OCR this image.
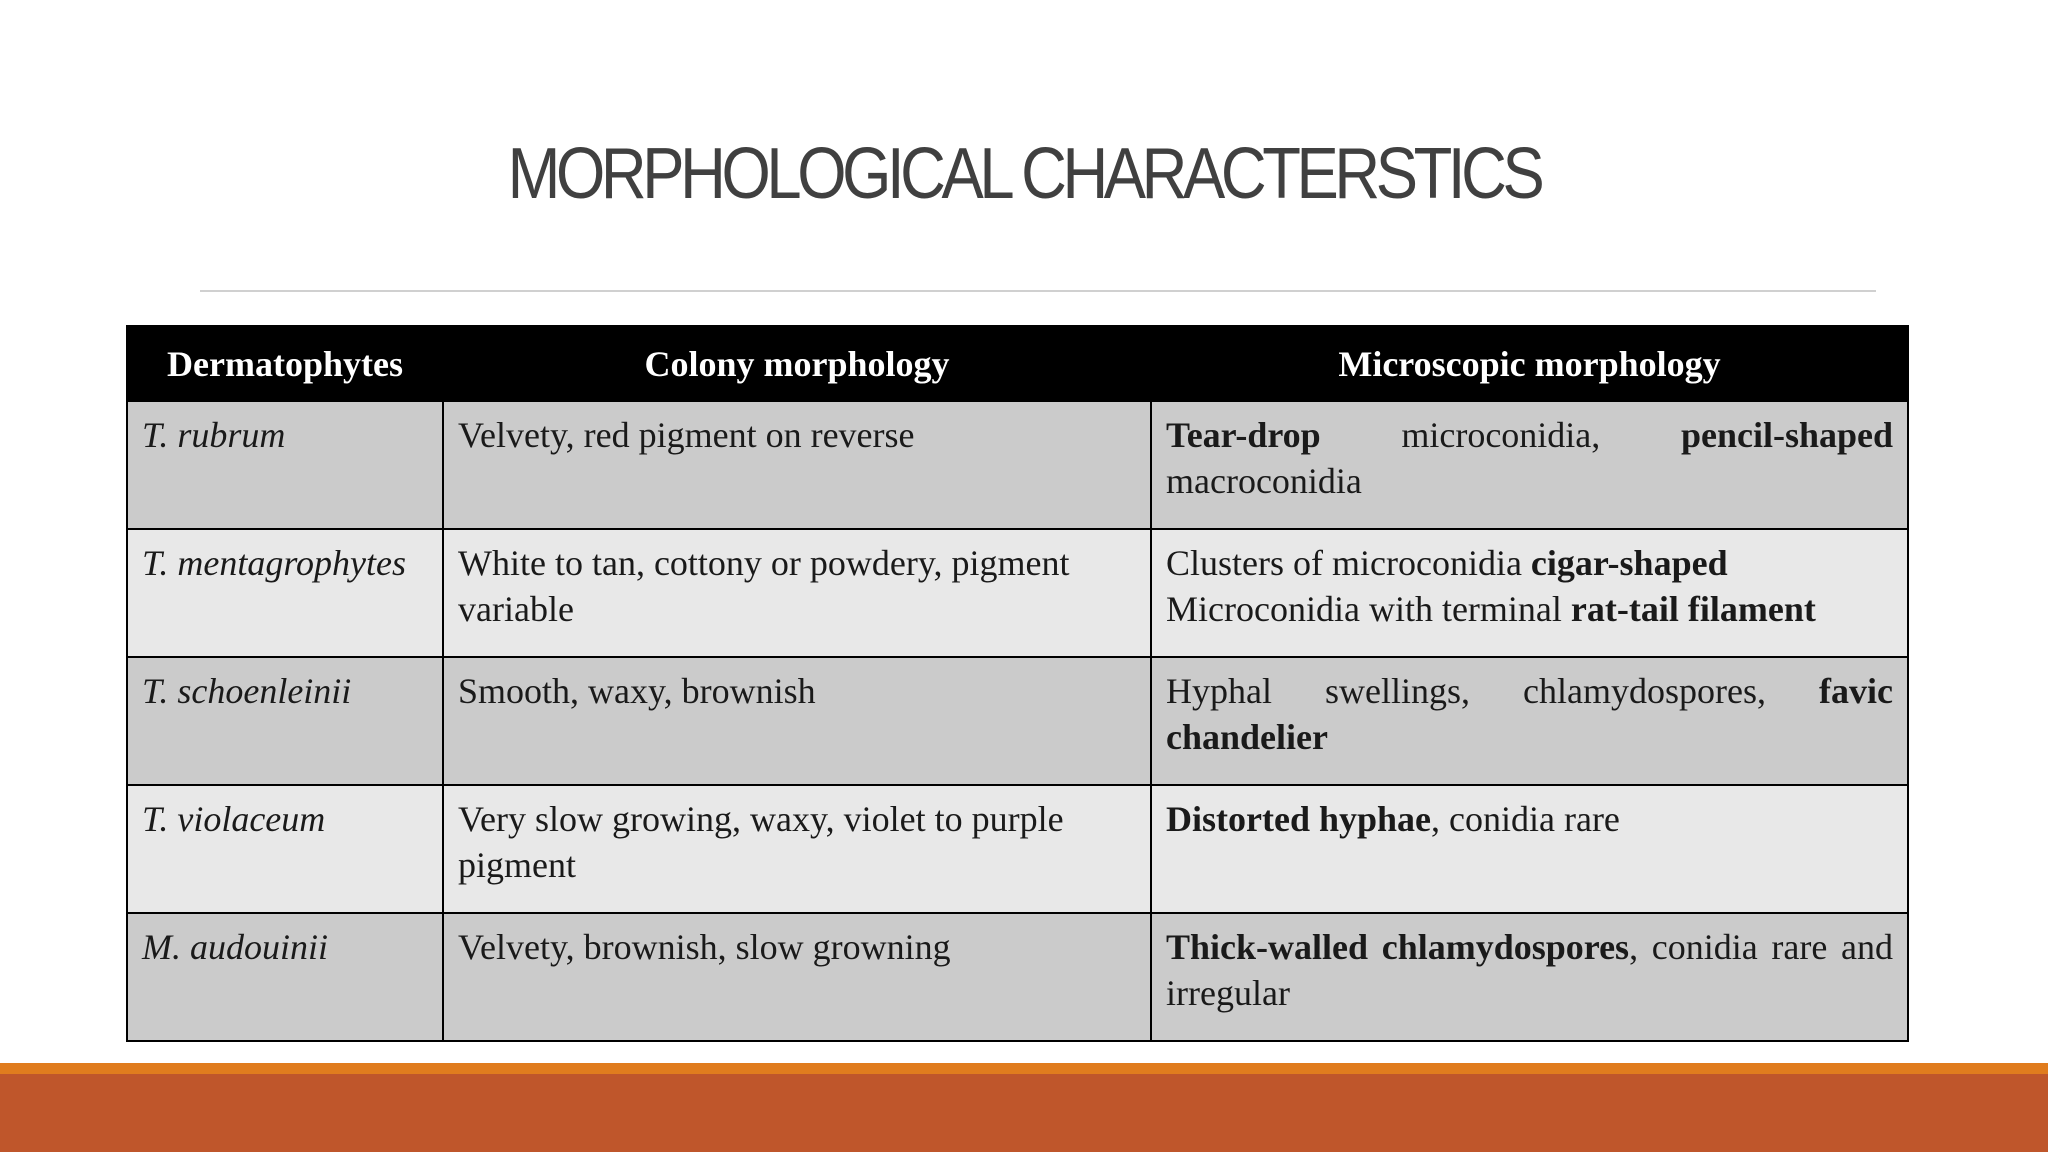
MORPHOLOGICAL CHARACTERSTICS
Dermatophytes	Colony morphology	Microscopic morphology
T. rubrum	Velvety, red pigment on reverse	Tear-drop microconidia, pencil-shaped macroconidia
T. mentagrophytes	White to tan, cottony or powdery, pigment variable	Clusters of microconidia cigar-shaped Microconidia with terminal rat-tail filament
T. schoenleinii	Smooth, waxy, brownish	Hyphal swellings, chlamydospores, favic chandelier
T. violaceum	Very slow growing, waxy, violet to purple pigment	Distorted hyphae, conidia rare
M. audouinii	Velvety, brownish, slow growning	Thick-walled chlamydospores, conidia rare and irregular
